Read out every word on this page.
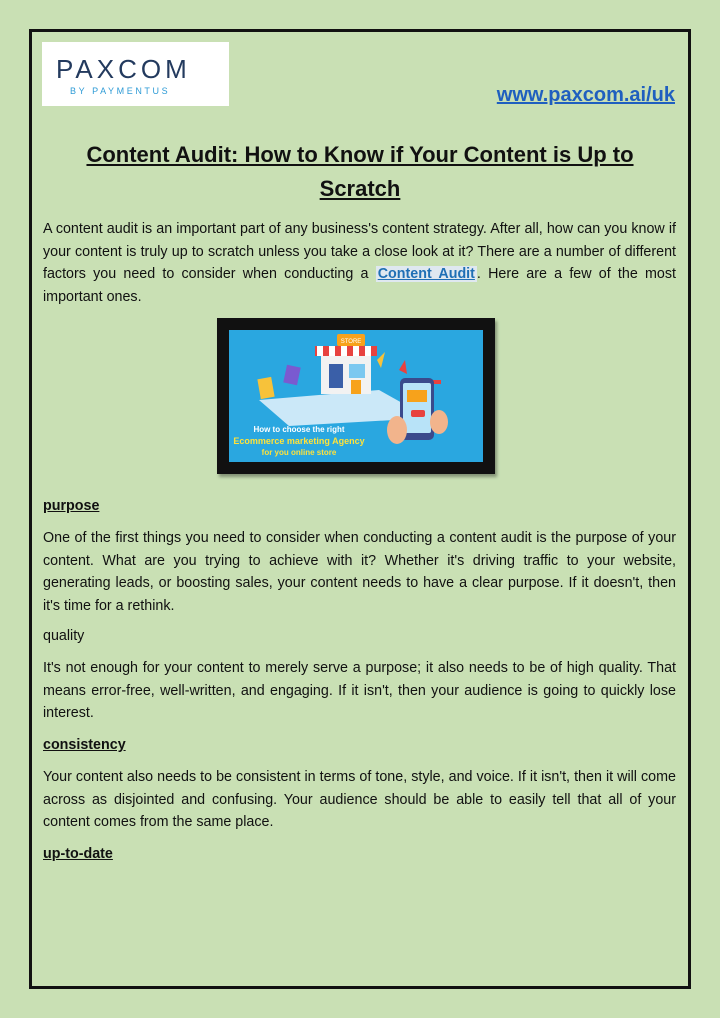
PAXCOM
BY PAYMENTUS	www.paxcom.ai/uk
Content Audit: How to Know if Your Content is Up to Scratch

A content audit is an important part of any business's content strategy. After all, how can you know if your content is truly up to scratch unless you take a close look at it? There are a number of different factors you need to consider when conducting a Content Audit . Here are a few of the most important ones.

STORE
How to choose the right
Ecommerce marketing Agency
for you online store
purpose

One of the first things you need to consider when conducting a content audit is the purpose of your content. What are you trying to achieve with it? Whether it's driving traffic to your website, generating leads, or boosting sales, your content needs to have a clear purpose. If it doesn't, then it's time for a rethink.

quality

It's not enough for your content to merely serve a purpose; it also needs to be of high quality. That means error-free, well-written, and engaging. If it isn't, then your audience is going to quickly lose interest.

consistency

Your content also needs to be consistent in terms of tone, style, and voice. If it isn't, then it will come across as disjointed and confusing. Your audience should be able to easily tell that all of your content comes from the same place.

up-to-date
